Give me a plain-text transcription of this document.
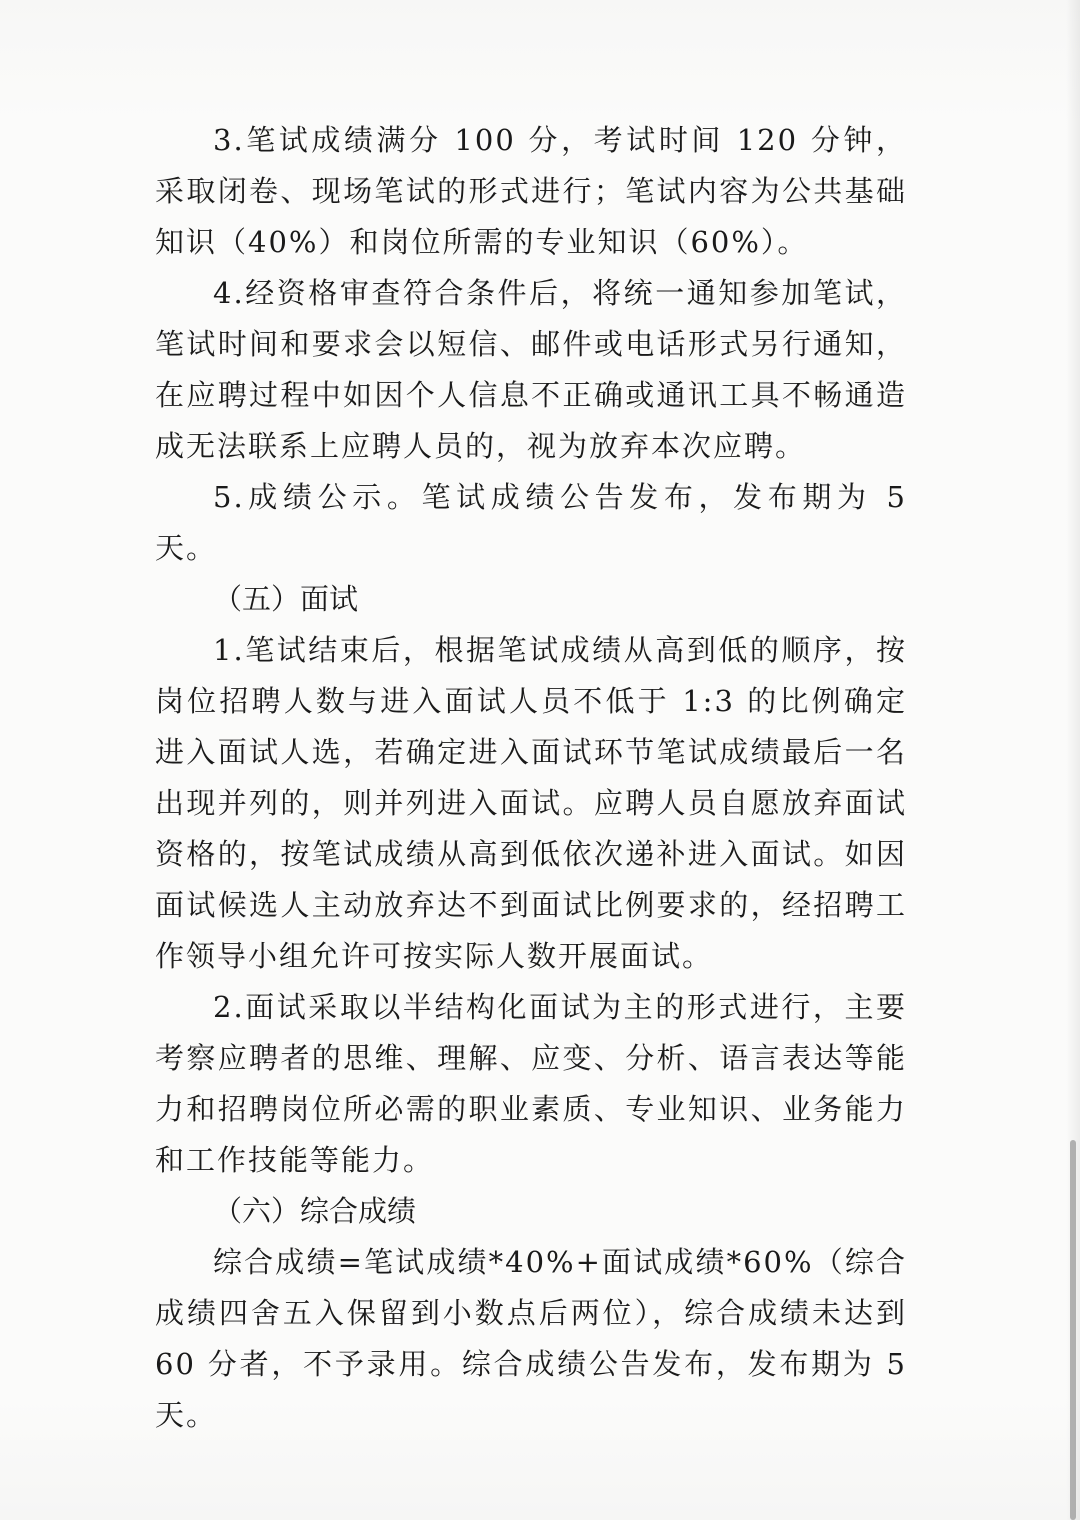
3.笔试成绩满分 100 分，考试时间 120 分钟，采取闭卷、现场笔试的形式进行；笔试内容为公共基础知识（40%）和岗位所需的专业知识（60%）。

4.经资格审查符合条件后，将统一通知参加笔试，笔试时间和要求会以短信、邮件或电话形式另行通知，在应聘过程中如因个人信息不正确或通讯工具不畅通造成无法联系上应聘人员的，视为放弃本次应聘。

5.成绩公示。笔试成绩公告发布，发布期为 5 天。

（五）面试

1.笔试结束后，根据笔试成绩从高到低的顺序，按岗位招聘人数与进入面试人员不低于 1:3 的比例确定进入面试人选，若确定进入面试环节笔试成绩最后一名出现并列的，则并列进入面试。应聘人员自愿放弃面试资格的，按笔试成绩从高到低依次递补进入面试。如因面试候选人主动放弃达不到面试比例要求的，经招聘工作领导小组允许可按实际人数开展面试。

2.面试采取以半结构化面试为主的形式进行，主要考察应聘者的思维、理解、应变、分析、语言表达等能力和招聘岗位所必需的职业素质、专业知识、业务能力和工作技能等能力。

（六）综合成绩

综合成绩=笔试成绩*40%+面试成绩*60%（综合成绩四舍五入保留到小数点后两位），综合成绩未达到 60 分者，不予录用。综合成绩公告发布，发布期为 5 天。
